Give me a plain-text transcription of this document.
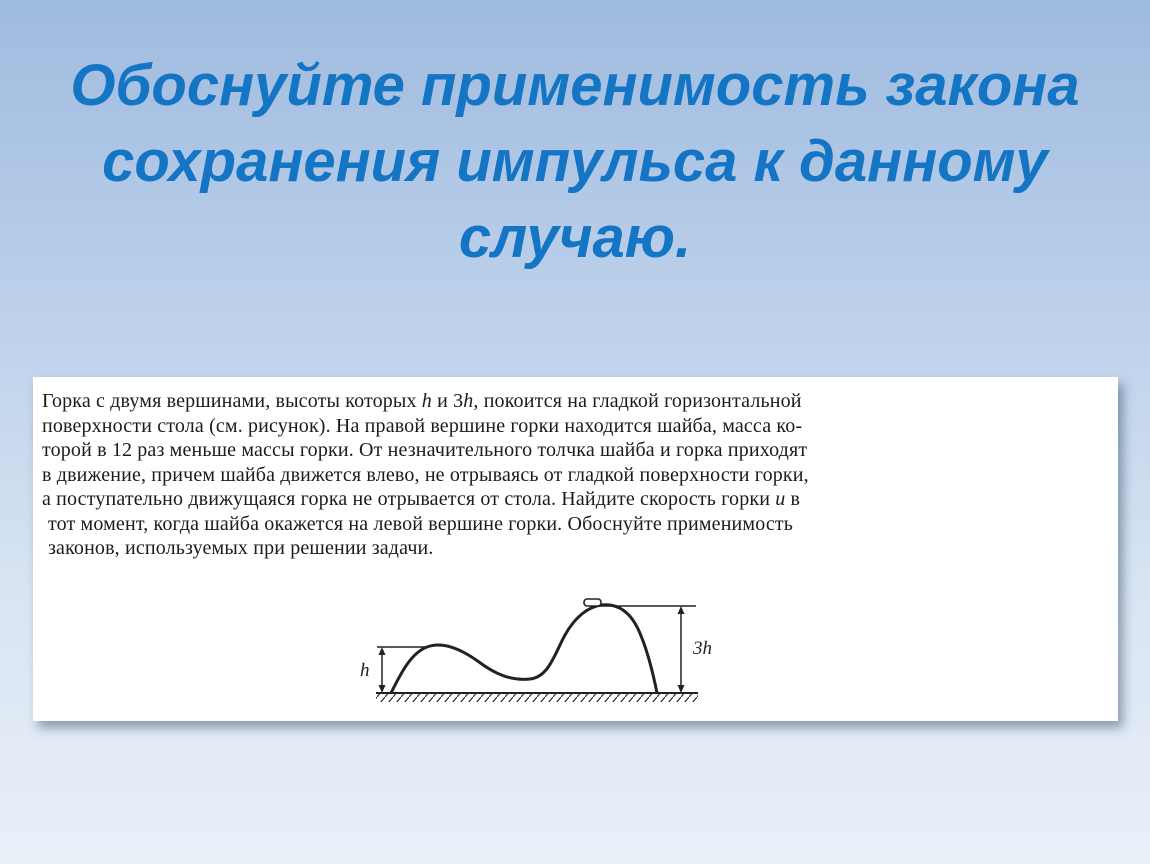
Обоснуйте применимость закона
сохранения импульса к данному
случаю.

Горка с двумя вершинами, высоты которых h и 3h, покоится на гладкой горизонтальной
поверхности стола (см. рисунок). На правой вершине горки находится шайба, масса ко-
торой в 12 раз меньше массы горки. От незначительного толчка шайба и горка приходят
в движение, причем шайба движется влево, не отрываясь от гладкой поверхности горки,
а поступательно движущаяся горка не отрывается от стола. Найдите скорость горки u в
тот момент, когда шайба окажется на левой вершине горки. Обоснуйте применимость
законов, используемых при решении задачи.

h
3h
